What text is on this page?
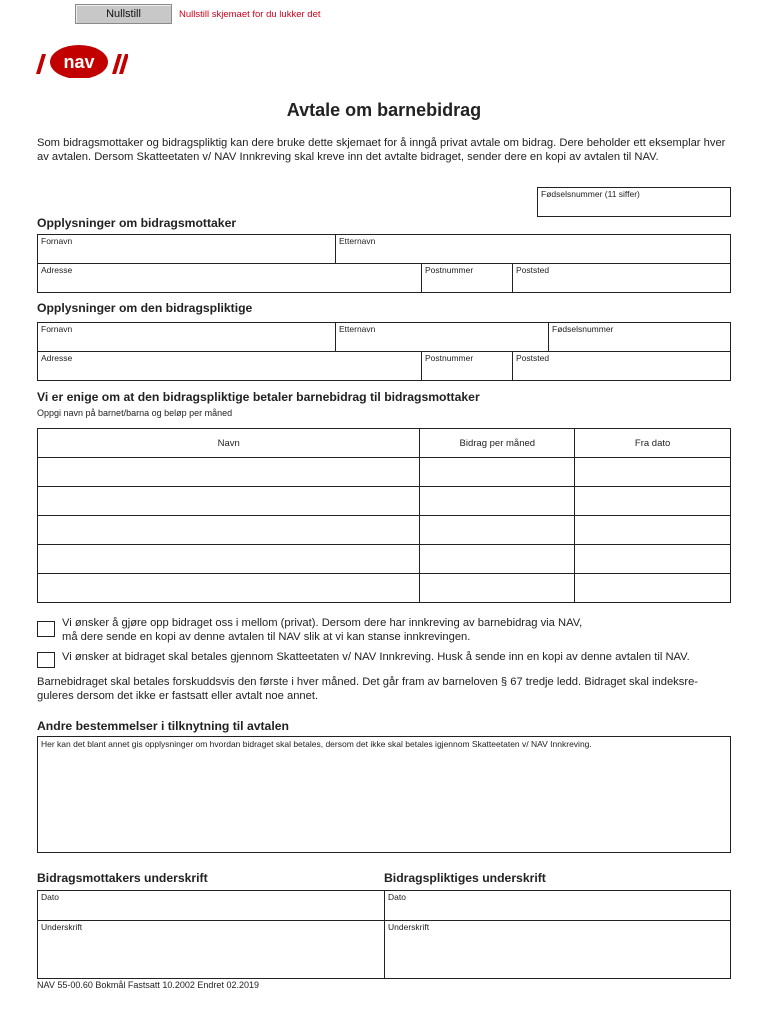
Nullstill	Nullstill skjemaet for du lukker det
nav
Avtale om barnebidrag
Som bidragsmottaker og bidragspliktig kan dere bruke dette skjemaet for å inngå privat avtale om bidrag. Dere beholder ett eksemplar hver av avtalen. Dersom Skatteetaten v/ NAV Innkreving skal kreve inn det avtalte bidraget, sender dere en kopi av avtalen til NAV.
Fødselsnummer (11 siffer)
Opplysninger om bidragsmottaker
Fornavn	Etternavn
Adresse	Postnummer	Poststed
Opplysninger om den bidragspliktige
Fornavn	Etternavn	Fødselsnummer
Adresse	Postnummer	Poststed
Vi er enige om at den bidragspliktige betaler barnebidrag til bidragsmottaker
Oppgi navn på barnet/barna og beløp per måned
Navn	Bidrag per måned	Fra dato

Vi ønsker å gjøre opp bidraget oss i mellom (privat). Dersom dere har innkreving av barnebidrag via NAV,
må dere sende en kopi av denne avtalen til NAV slik at vi kan stanse innkrevingen.
Vi ønsker at bidraget skal betales gjennom Skatteetaten v/ NAV Innkreving. Husk å sende inn en kopi av denne avtalen til NAV.
Barnebidraget skal betales forskuddsvis den første i hver måned. Det går fram av barneloven § 67 tredje ledd. Bidraget skal indeksre-
guleres dersom det ikke er fastsatt eller avtalt noe annet.
Andre bestemmelser i tilknytning til avtalen
Her kan det blant annet gis opplysninger om hvordan bidraget skal betales, dersom det ikke skal betales igjennom Skatteetaten v/ NAV Innkreving.
Bidragsmottakers underskrift	Bidragspliktiges underskrift
Dato	Dato
Underskrift	Underskrift
NAV 55-00.60 Bokmål Fastsatt 10.2002 Endret 02.2019
